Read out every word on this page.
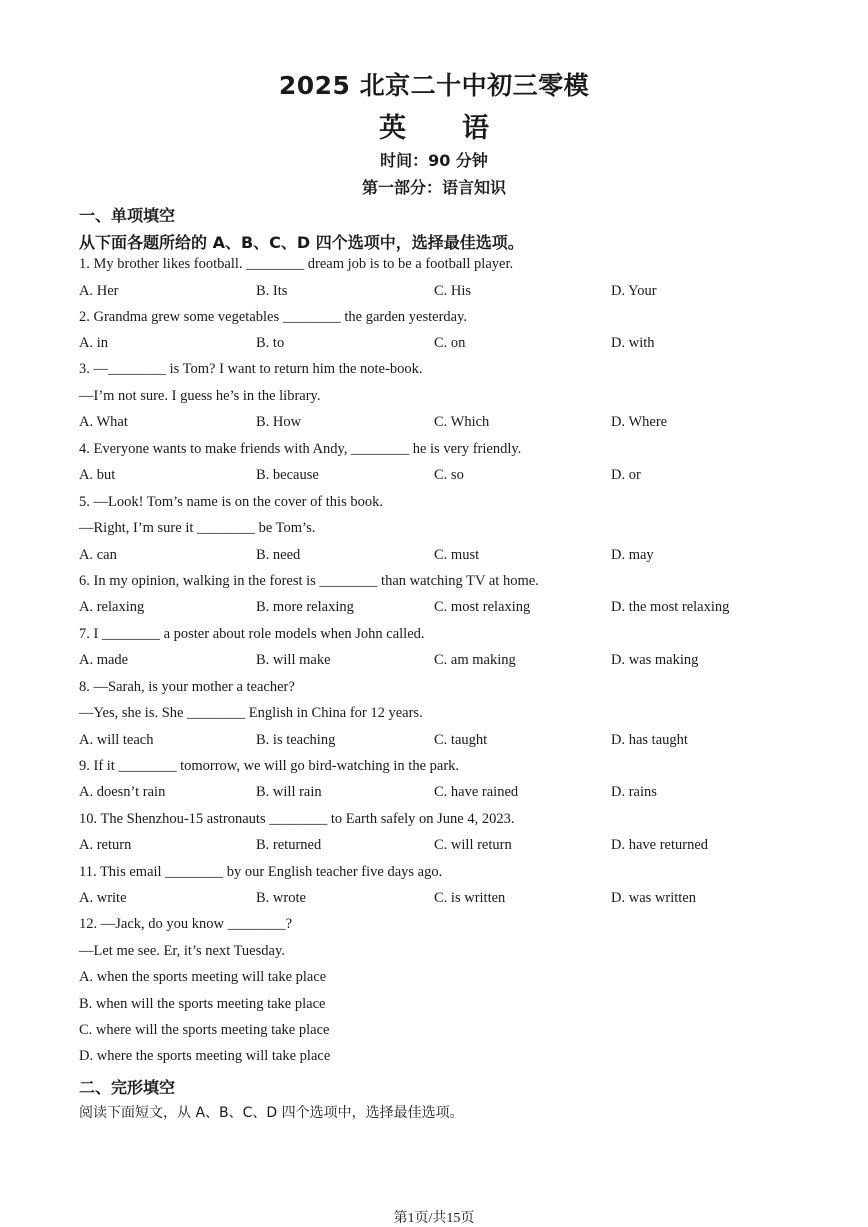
2025 北京二十中初三零模
英 语
时间：90 分钟
第一部分：语言知识
一、单项填空
从下面各题所给的 A、B、C、D 四个选项中，选择最佳选项。
1. My brother likes football. ________ dream job is to be a football player.
A. Her	B. Its	C. His	D. Your
2. Grandma grew some vegetables ________ the garden yesterday.
A. in	B. to	C. on	D. with
3. —________ is Tom? I want to return him the note-book.
—I’m not sure. I guess he’s in the library.
A. What	B. How	C. Which	D. Where
4. Everyone wants to make friends with Andy, ________ he is very friendly.
A. but	B. because	C. so	D. or
5. —Look! Tom’s name is on the cover of this book.
—Right, I’m sure it ________ be Tom’s.
A. can	B. need	C. must	D. may
6. In my opinion, walking in the forest is ________ than watching TV at home.
A. relaxing	B. more relaxing	C. most relaxing	D. the most relaxing
7. I ________ a poster about role models when John called.
A. made	B. will make	C. am making	D. was making
8. —Sarah, is your mother a teacher?
—Yes, she is. She ________ English in China for 12 years.
A. will teach	B. is teaching	C. taught	D. has taught
9. If it ________ tomorrow, we will go bird-watching in the park.
A. doesn’t rain	B. will rain	C. have rained	D. rains
10. The Shenzhou-15 astronauts ________ to Earth safely on June 4, 2023.
A. return	B. returned	C. will return	D. have returned
11. This email ________ by our English teacher five days ago.
A. write	B. wrote	C. is written	D. was written
12. —Jack, do you know ________?
—Let me see. Er, it’s next Tuesday.
A. when the sports meeting will take place
B. when will the sports meeting take place
C. where will the sports meeting take place
D. where the sports meeting will take place
二、完形填空
阅读下面短文，从 A、B、C、D 四个选项中，选择最佳选项。
第1页/共15页
